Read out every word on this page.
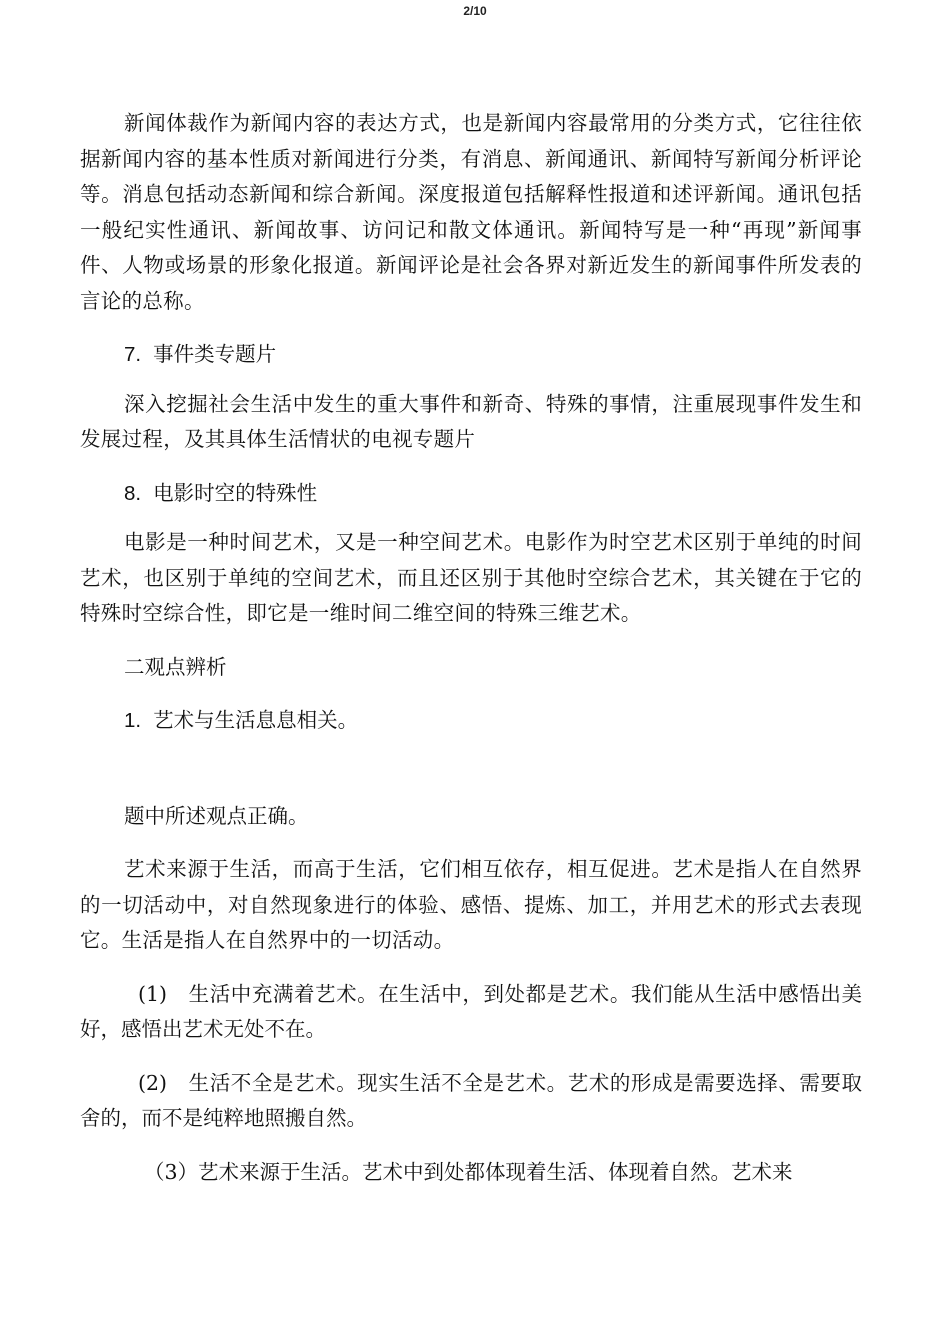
2/10

新闻体裁作为新闻内容的表达方式，也是新闻内容最常用的分类方式，它往往依据新闻内容的基本性质对新闻进行分类，有消息、新闻通讯、新闻特写新闻分析评论等。消息包括动态新闻和综合新闻。深度报道包括解释性报道和述评新闻。通讯包括一般纪实性通讯、新闻故事、访问记和散文体通讯。新闻特写是一种“再现”新闻事件、人物或场景的形象化报道。新闻评论是社会各界对新近发生的新闻事件所发表的言论的总称。

7. 事件类专题片

深入挖掘社会生活中发生的重大事件和新奇、特殊的事情，注重展现事件发生和发展过程，及其具体生活情状的电视专题片

8. 电影时空的特殊性

电影是一种时间艺术，又是一种空间艺术。电影作为时空艺术区别于单纯的时间艺术，也区别于单纯的空间艺术，而且还区别于其他时空综合艺术，其关键在于它的特殊时空综合性，即它是一维时间二维空间的特殊三维艺术。

二观点辨析

1. 艺术与生活息息相关。

题中所述观点正确。

艺术来源于生活，而高于生活，它们相互依存，相互促进。艺术是指人在自然界的一切活动中，对自然现象进行的体验、感悟、提炼、加工，并用艺术的形式去表现它。生活是指人在自然界中的一切活动。

(1)　生活中充满着艺术。在生活中，到处都是艺术。我们能从生活中感悟出美好，感悟出艺术无处不在。

(2)　生活不全是艺术。现实生活不全是艺术。艺术的形成是需要选择、需要取舍的，而不是纯粹地照搬自然。

（3）艺术来源于生活。艺术中到处都体现着生活、体现着自然。艺术来
